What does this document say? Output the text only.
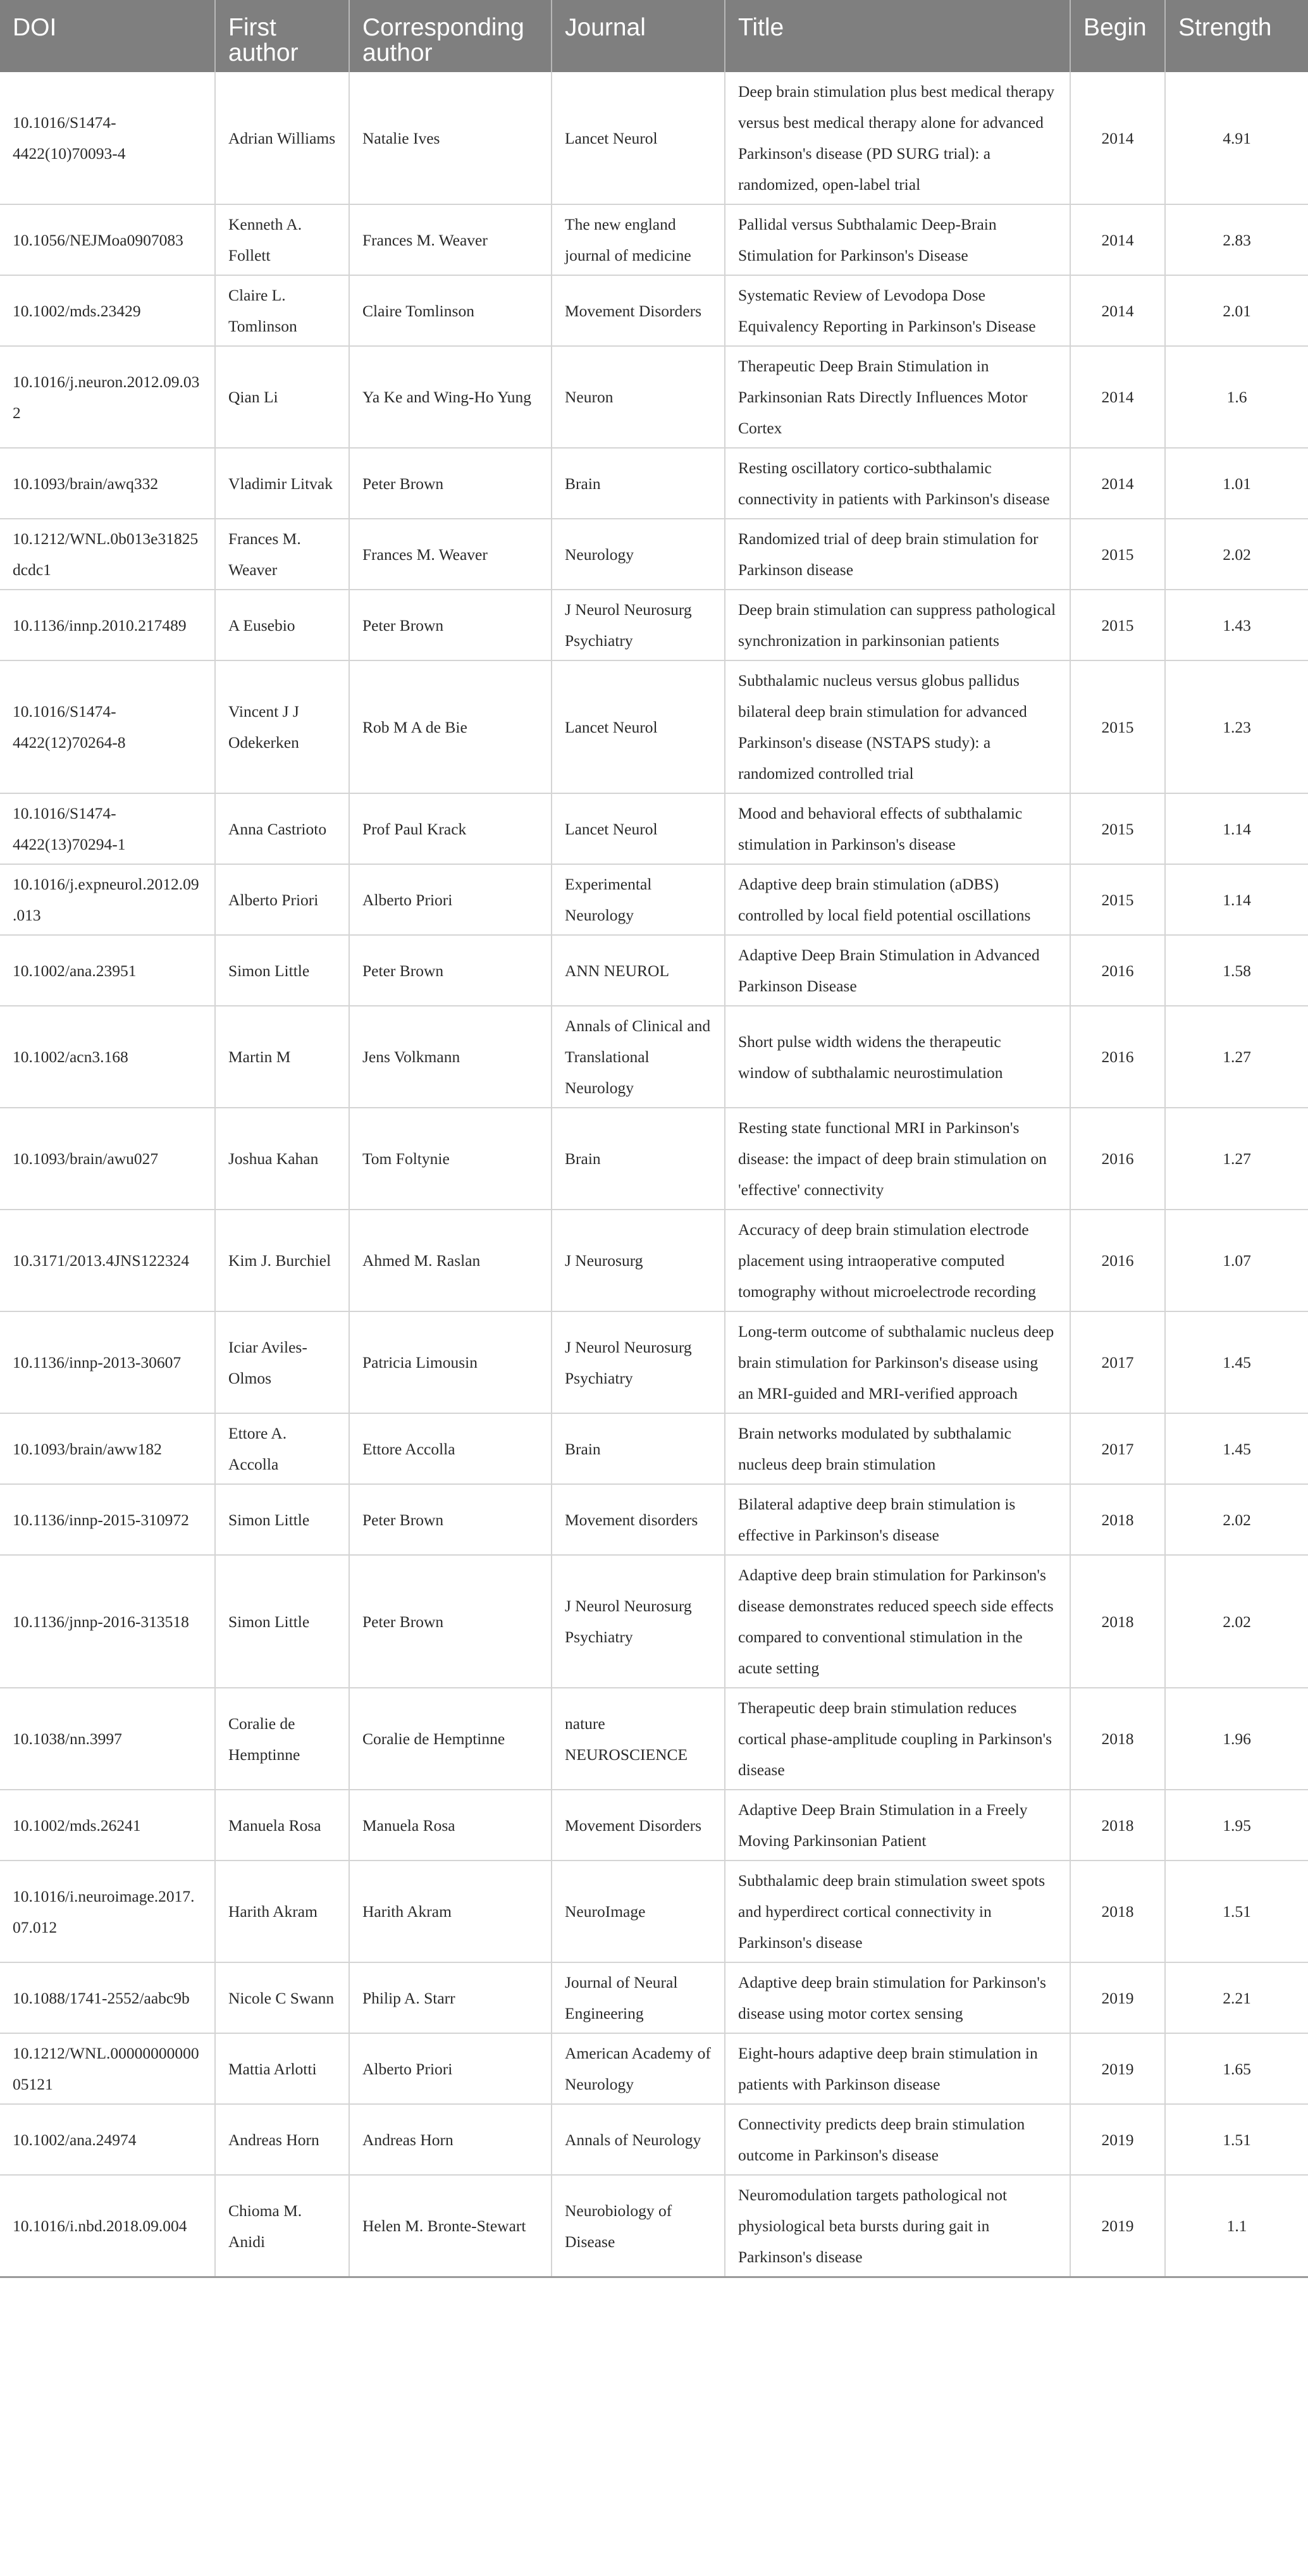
DOI	First author	Corresponding author	Journal	Title	Begin	Strength
10.1016/S1474-4422(10)70093-4	Adrian Williams	Natalie Ives	Lancet Neurol	Deep brain stimulation plus best medical therapy versus best medical therapy alone for advanced Parkinson's disease (PD SURG trial): a randomized, open-label trial	2014	4.91
10.1056/NEJMoa0907083	Kenneth A. Follett	Frances M. Weaver	The new england journal of medicine	Pallidal versus Subthalamic Deep-Brain Stimulation for Parkinson's Disease	2014	2.83
10.1002/mds.23429	Claire L. Tomlinson	Claire Tomlinson	Movement Disorders	Systematic Review of Levodopa Dose Equivalency Reporting in Parkinson's Disease	2014	2.01
10.1016/j.neuron.2012.09.032	Qian Li	Ya Ke and Wing-Ho Yung	Neuron	Therapeutic Deep Brain Stimulation in Parkinsonian Rats Directly Influences Motor Cortex	2014	1.6
10.1093/brain/awq332	Vladimir Litvak	Peter Brown	Brain	Resting oscillatory cortico-subthalamic connectivity in patients with Parkinson's disease	2014	1.01
10.1212/WNL.0b013e31825dcdc1	Frances M. Weaver	Frances M. Weaver	Neurology	Randomized trial of deep brain stimulation for Parkinson disease	2015	2.02
10.1136/innp.2010.217489	A Eusebio	Peter Brown	J Neurol Neurosurg Psychiatry	Deep brain stimulation can suppress pathological synchronization in parkinsonian patients	2015	1.43
10.1016/S1474-4422(12)70264-8	Vincent J J Odekerken	Rob M A de Bie	Lancet Neurol	Subthalamic nucleus versus globus pallidus bilateral deep brain stimulation for advanced Parkinson's disease (NSTAPS study): a randomized controlled trial	2015	1.23
10.1016/S1474-4422(13)70294-1	Anna Castrioto	Prof Paul Krack	Lancet Neurol	Mood and behavioral effects of subthalamic stimulation in Parkinson's disease	2015	1.14
10.1016/j.expneurol.2012.09.013	Alberto Priori	Alberto Priori	Experimental Neurology	Adaptive deep brain stimulation (aDBS) controlled by local field potential oscillations	2015	1.14
10.1002/ana.23951	Simon Little	Peter Brown	ANN NEUROL	Adaptive Deep Brain Stimulation in Advanced Parkinson Disease	2016	1.58
10.1002/acn3.168	Martin M	Jens Volkmann	Annals of Clinical and Translational Neurology	Short pulse width widens the therapeutic window of subthalamic neurostimulation	2016	1.27
10.1093/brain/awu027	Joshua Kahan	Tom Foltynie	Brain	Resting state functional MRI in Parkinson's disease: the impact of deep brain stimulation on 'effective' connectivity	2016	1.27
10.3171/2013.4JNS122324	Kim J. Burchiel	Ahmed M. Raslan	J Neurosurg	Accuracy of deep brain stimulation electrode placement using intraoperative computed tomography without microelectrode recording	2016	1.07
10.1136/innp-2013-30607	Iciar Aviles-Olmos	Patricia Limousin	J Neurol Neurosurg Psychiatry	Long-term outcome of subthalamic nucleus deep brain stimulation for Parkinson's disease using an MRI-guided and MRI-verified approach	2017	1.45
10.1093/brain/aww182	Ettore A. Accolla	Ettore Accolla	Brain	Brain networks modulated by subthalamic nucleus deep brain stimulation	2017	1.45
10.1136/innp-2015-310972	Simon Little	Peter Brown	Movement disorders	Bilateral adaptive deep brain stimulation is effective in Parkinson's disease	2018	2.02
10.1136/jnnp-2016-313518	Simon Little	Peter Brown	J Neurol Neurosurg Psychiatry	Adaptive deep brain stimulation for Parkinson's disease demonstrates reduced speech side effects compared to conventional stimulation in the acute setting	2018	2.02
10.1038/nn.3997	Coralie de Hemptinne	Coralie de Hemptinne	nature NEUROSCIENCE	Therapeutic deep brain stimulation reduces cortical phase-amplitude coupling in Parkinson's disease	2018	1.96
10.1002/mds.26241	Manuela Rosa	Manuela Rosa	Movement Disorders	Adaptive Deep Brain Stimulation in a Freely Moving Parkinsonian Patient	2018	1.95
10.1016/i.neuroimage.2017.07.012	Harith Akram	Harith Akram	NeuroImage	Subthalamic deep brain stimulation sweet spots and hyperdirect cortical connectivity in Parkinson's disease	2018	1.51
10.1088/1741-2552/aabc9b	Nicole C Swann	Philip A. Starr	Journal of Neural Engineering	Adaptive deep brain stimulation for Parkinson's disease using motor cortex sensing	2019	2.21
10.1212/WNL.0000000000005121	Mattia Arlotti	Alberto Priori	American Academy of Neurology	Eight-hours adaptive deep brain stimulation in patients with Parkinson disease	2019	1.65
10.1002/ana.24974	Andreas Horn	Andreas Horn	Annals of Neurology	Connectivity predicts deep brain stimulation outcome in Parkinson's disease	2019	1.51
10.1016/i.nbd.2018.09.004	Chioma M. Anidi	Helen M. Bronte-Stewart	Neurobiology of Disease	Neuromodulation targets pathological not physiological beta bursts during gait in Parkinson's disease	2019	1.1
